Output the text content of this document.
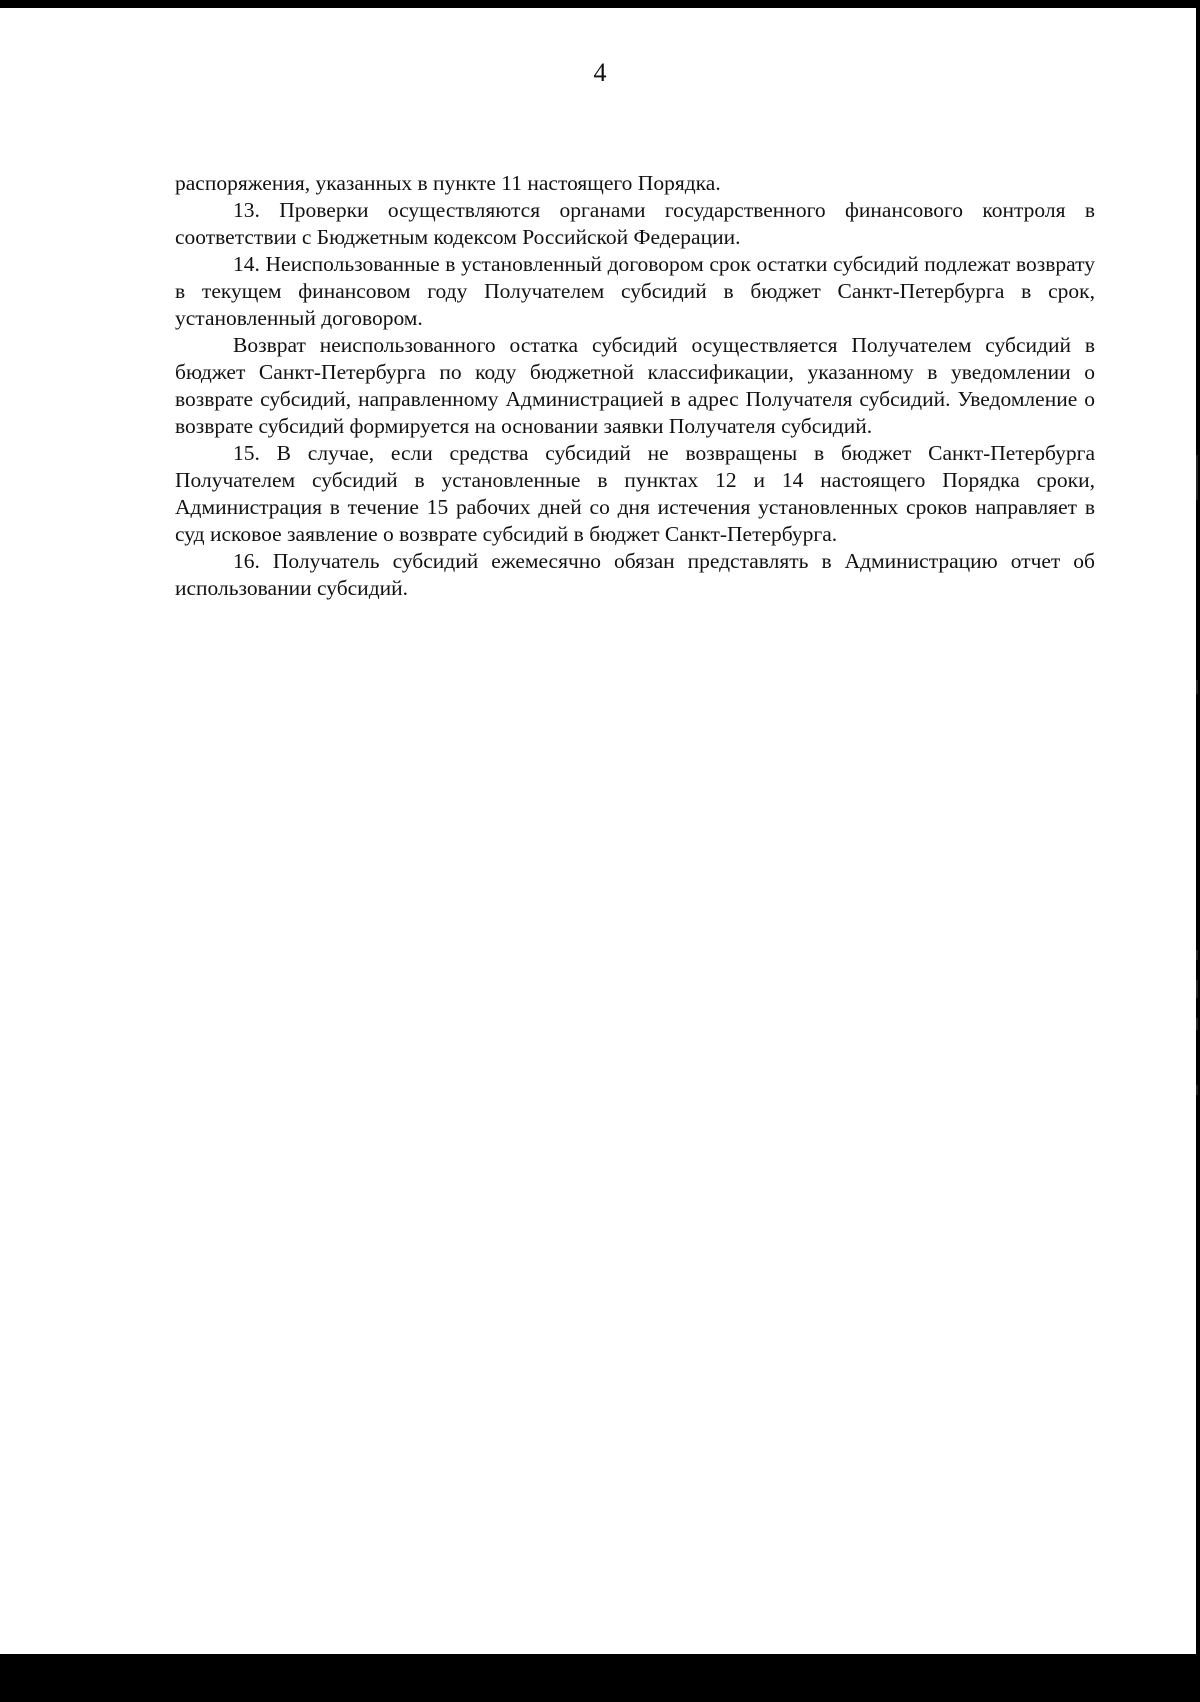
4

распоряжения, указанных в пункте 11 настоящего Порядка.

13. Проверки осуществляются органами государственного финансового контроля в соответствии с Бюджетным кодексом Российской Федерации.

14. Неиспользованные в установленный договором срок остатки субсидий подлежат возврату в текущем финансовом году Получателем субсидий в бюджет Санкт-Петербурга в срок, установленный договором.

Возврат неиспользованного остатка субсидий осуществляется Получателем субсидий в бюджет Санкт-Петербурга по коду бюджетной классификации, указанному в уведомлении о возврате субсидий, направленному Администрацией в адрес Получателя субсидий. Уведомление о возврате субсидий формируется на основании заявки Получателя субсидий.

15. В случае, если средства субсидий не возвращены в бюджет Санкт-Петербурга Получателем субсидий в установленные в пунктах 12 и 14 настоящего Порядка сроки, Администрация в течение 15 рабочих дней со дня истечения установленных сроков направляет в суд исковое заявление о возврате субсидий в бюджет Санкт-Петербурга.

16. Получатель субсидий ежемесячно обязан представлять в Администрацию отчет об использовании субсидий.
